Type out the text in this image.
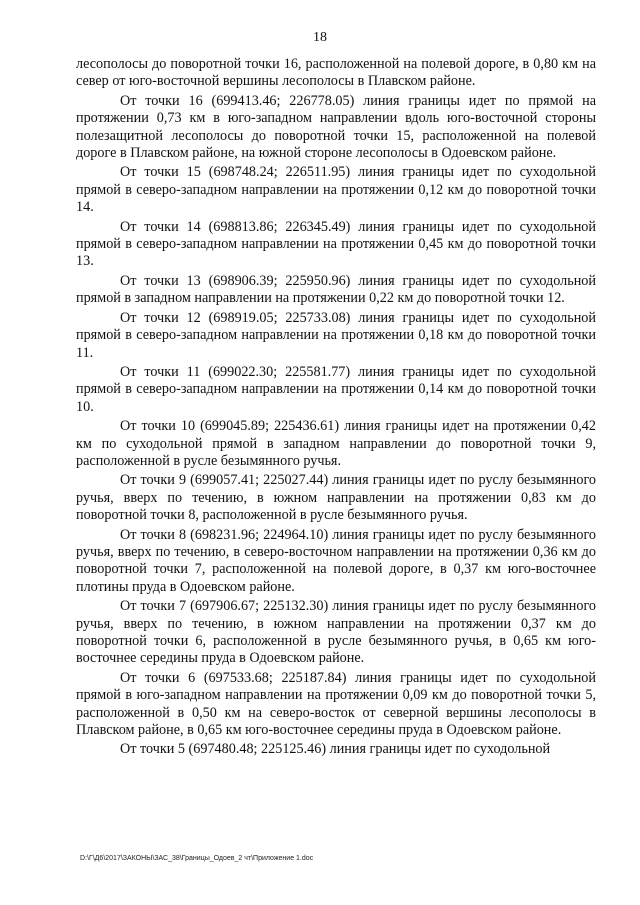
18

лесополосы до поворотной точки 16, расположенной на полевой дороге, в 0,80 км на север от юго-восточной вершины лесополосы в Плавском районе.

От точки 16 (699413.46; 226778.05) линия границы идет по прямой на протяжении 0,73 км в юго-западном направлении вдоль юго-восточной стороны полезащитной лесополосы до поворотной точки 15, расположенной на полевой дороге в Плавском районе, на южной стороне лесополосы в Одоевском районе.

От точки 15 (698748.24; 226511.95) линия границы идет по суходольной прямой в северо-западном направлении на протяжении 0,12 км до поворотной точки 14.

От точки 14 (698813.86; 226345.49) линия границы идет по суходольной прямой в северо-западном направлении на протяжении 0,45 км до поворотной точки 13.

От точки 13 (698906.39; 225950.96) линия границы идет по суходольной прямой в западном направлении на протяжении 0,22 км до поворотной точки 12.

От точки 12 (698919.05; 225733.08) линия границы идет по суходольной прямой в северо-западном направлении на протяжении 0,18 км до поворотной точки 11.

От точки 11 (699022.30; 225581.77) линия границы идет по суходольной прямой в северо-западном направлении на протяжении 0,14 км до поворотной точки 10.

От точки 10 (699045.89; 225436.61) линия границы идет на протяжении 0,42 км по суходольной прямой в западном направлении до поворотной точки 9, расположенной в русле безымянного ручья.

От точки 9 (699057.41; 225027.44) линия границы идет по руслу безымянного ручья, вверх по течению, в южном направлении на протяжении 0,83 км до поворотной точки 8, расположенной в русле безымянного ручья.

От точки 8 (698231.96; 224964.10) линия границы идет по руслу безымянного ручья, вверх по течению, в северо-восточном направлении на протяжении 0,36 км до поворотной точки 7, расположенной на полевой дороге, в 0,37 км юго-восточнее плотины пруда в Одоевском районе.

От точки 7 (697906.67; 225132.30) линия границы идет по руслу безымянного ручья, вверх по течению, в южном направлении на протяжении 0,37 км до поворотной точки 6, расположенной в русле безымянного ручья, в 0,65 км юго-восточнее середины пруда в Одоевском районе.

От точки 6 (697533.68; 225187.84) линия границы идет по суходольной прямой в юго-западном направлении на протяжении 0,09 км до поворотной точки 5, расположенной в 0,50 км на северо-восток от северной вершины лесополосы в Плавском районе, в 0,65 км юго-восточнее середины пруда в Одоевском районе.

От точки 5 (697480.48; 225125.46) линия границы идет по суходольной

D:\Г\Д6\2017\ЗАКОНЫ\ЗАС_38\Границы_Одоев_2 чт\Приложение 1.doc
